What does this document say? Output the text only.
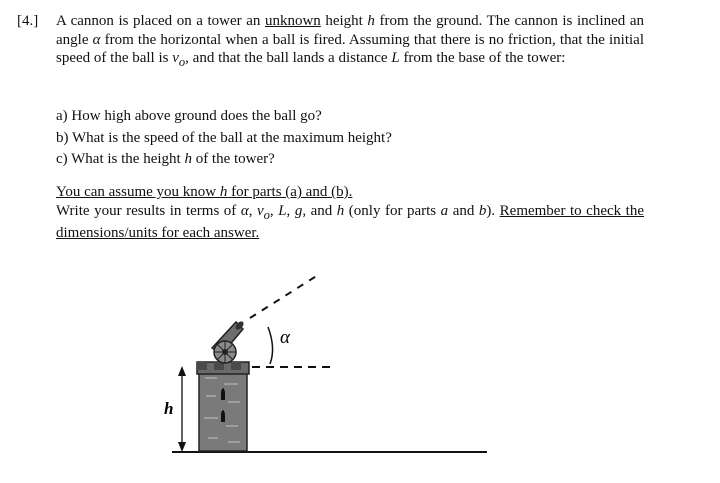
[4.] A cannon is placed on a tower an unknown height h from the ground. The cannon is inclined an angle α from the horizontal when a ball is fired. Assuming that there is no friction, that the initial speed of the ball is $v_o$, and that the ball lands a distance L from the base of the tower:

a) How high above ground does the ball go?
b) What is the speed of the ball at the maximum height?
c) What is the height h of the tower?
You can assume you know h for parts (a) and (b).
Write your results in terms of α, $v_o$, L, g, and h (only for parts a and b). Remember to check the dimensions/units for each answer.
h
α
